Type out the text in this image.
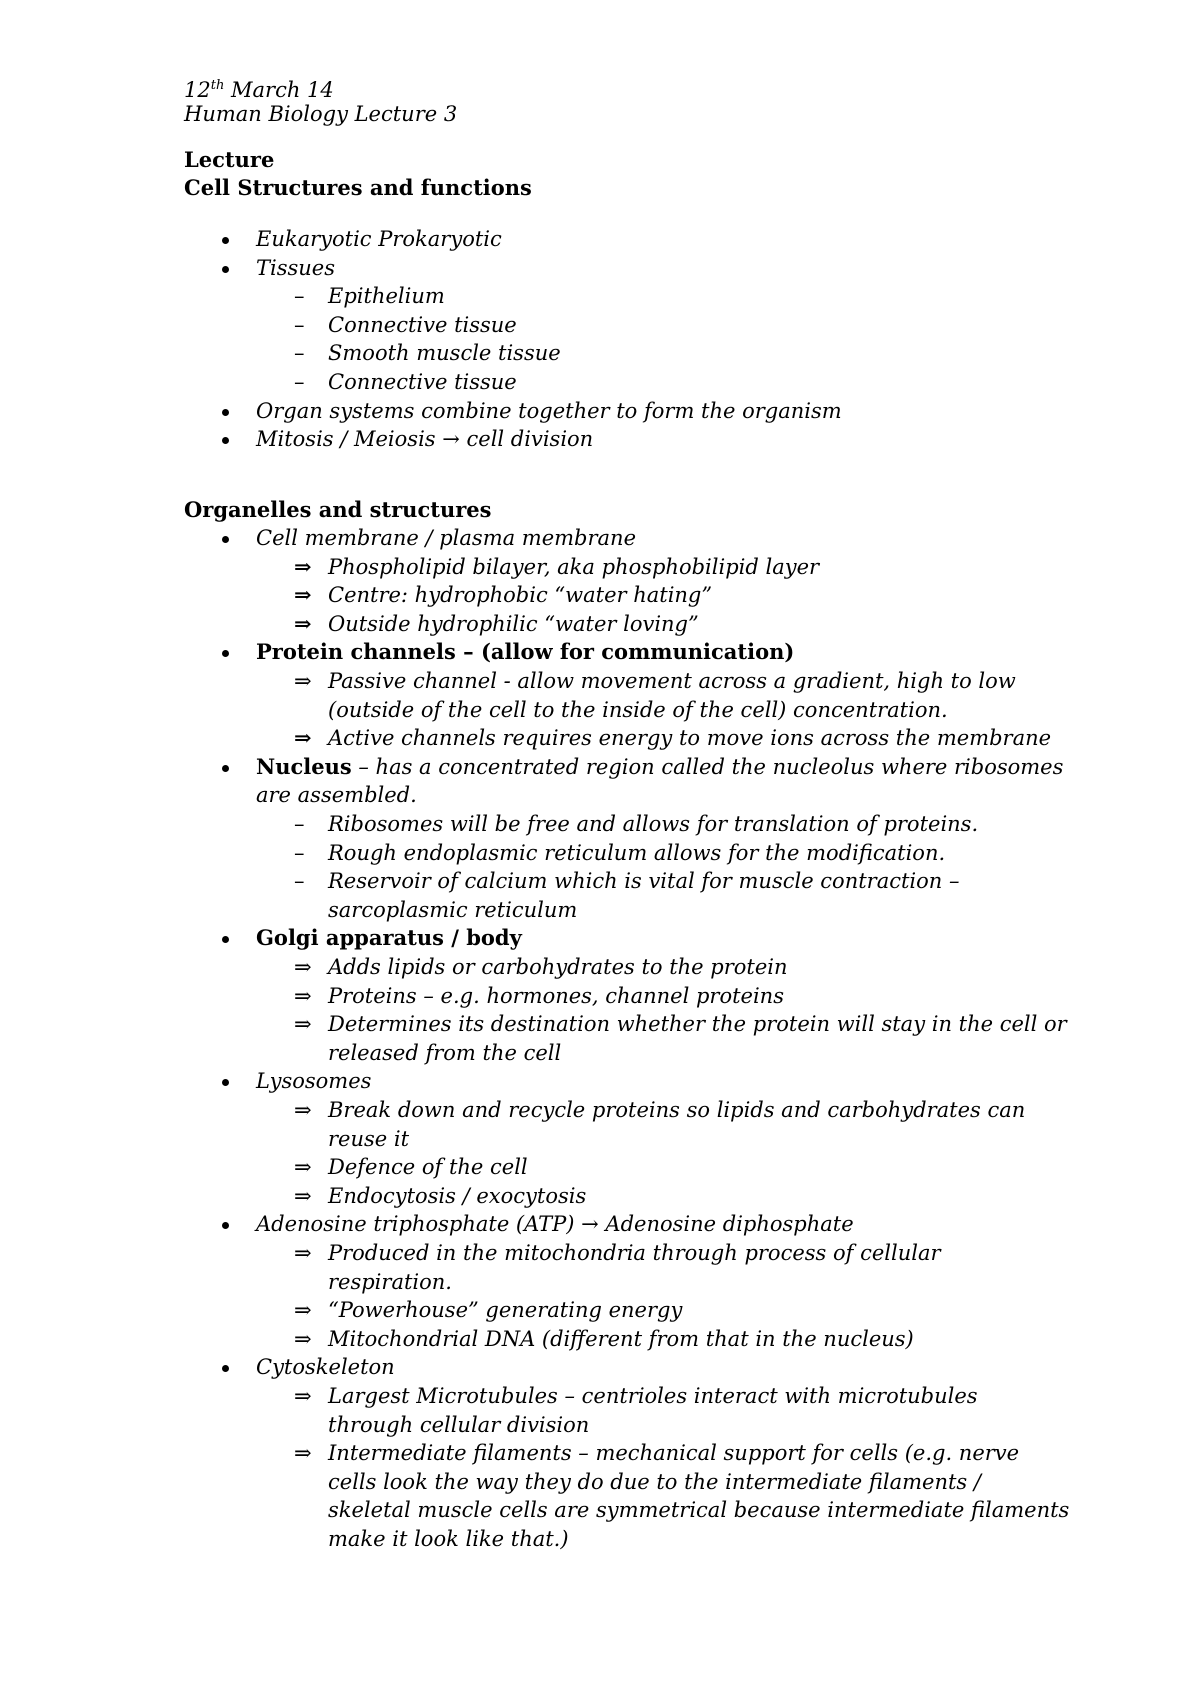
12th March 14
Human Biology Lecture 3
Lecture
Cell Structures and functions
Organelles and structures
Eukaryotic Prokaryotic
Tissues
– Epithelium
– Connective tissue
– Smooth muscle tissue
– Connective tissue
Organ systems combine together to form the organism
Mitosis / Meiosis → cell division
Cell membrane / plasma membrane
⇒ Phospholipid bilayer, aka phosphobilipid layer
⇒ Centre: hydrophobic “water hating”
⇒ Outside hydrophilic “water loving”
Protein channels – (allow for communication)
⇒ Passive channel - allow movement across a gradient, high to low
(outside of the cell to the inside of the cell) concentration.
⇒ Active channels requires energy to move ions across the membrane
Nucleus – has a concentrated region called the nucleolus where ribosomes
are assembled.
– Ribosomes will be free and allows for translation of proteins.
– Rough endoplasmic reticulum allows for the modification.
– Reservoir of calcium which is vital for muscle contraction –
sarcoplasmic reticulum
Golgi apparatus / body
⇒ Adds lipids or carbohydrates to the protein
⇒ Proteins – e.g. hormones, channel proteins
⇒ Determines its destination whether the protein will stay in the cell or
released from the cell
Lysosomes
⇒ Break down and recycle proteins so lipids and carbohydrates can
reuse it
⇒ Defence of the cell
⇒ Endocytosis / exocytosis
Adenosine triphosphate (ATP) → Adenosine diphosphate
⇒ Produced in the mitochondria through process of cellular
respiration.
⇒ “Powerhouse” generating energy
⇒ Mitochondrial DNA (different from that in the nucleus)
Cytoskeleton
⇒ Largest Microtubules – centrioles interact with microtubules
through cellular division
⇒ Intermediate filaments – mechanical support for cells (e.g. nerve
cells look the way they do due to the intermediate filaments /
skeletal muscle cells are symmetrical because intermediate filaments
make it look like that.)
